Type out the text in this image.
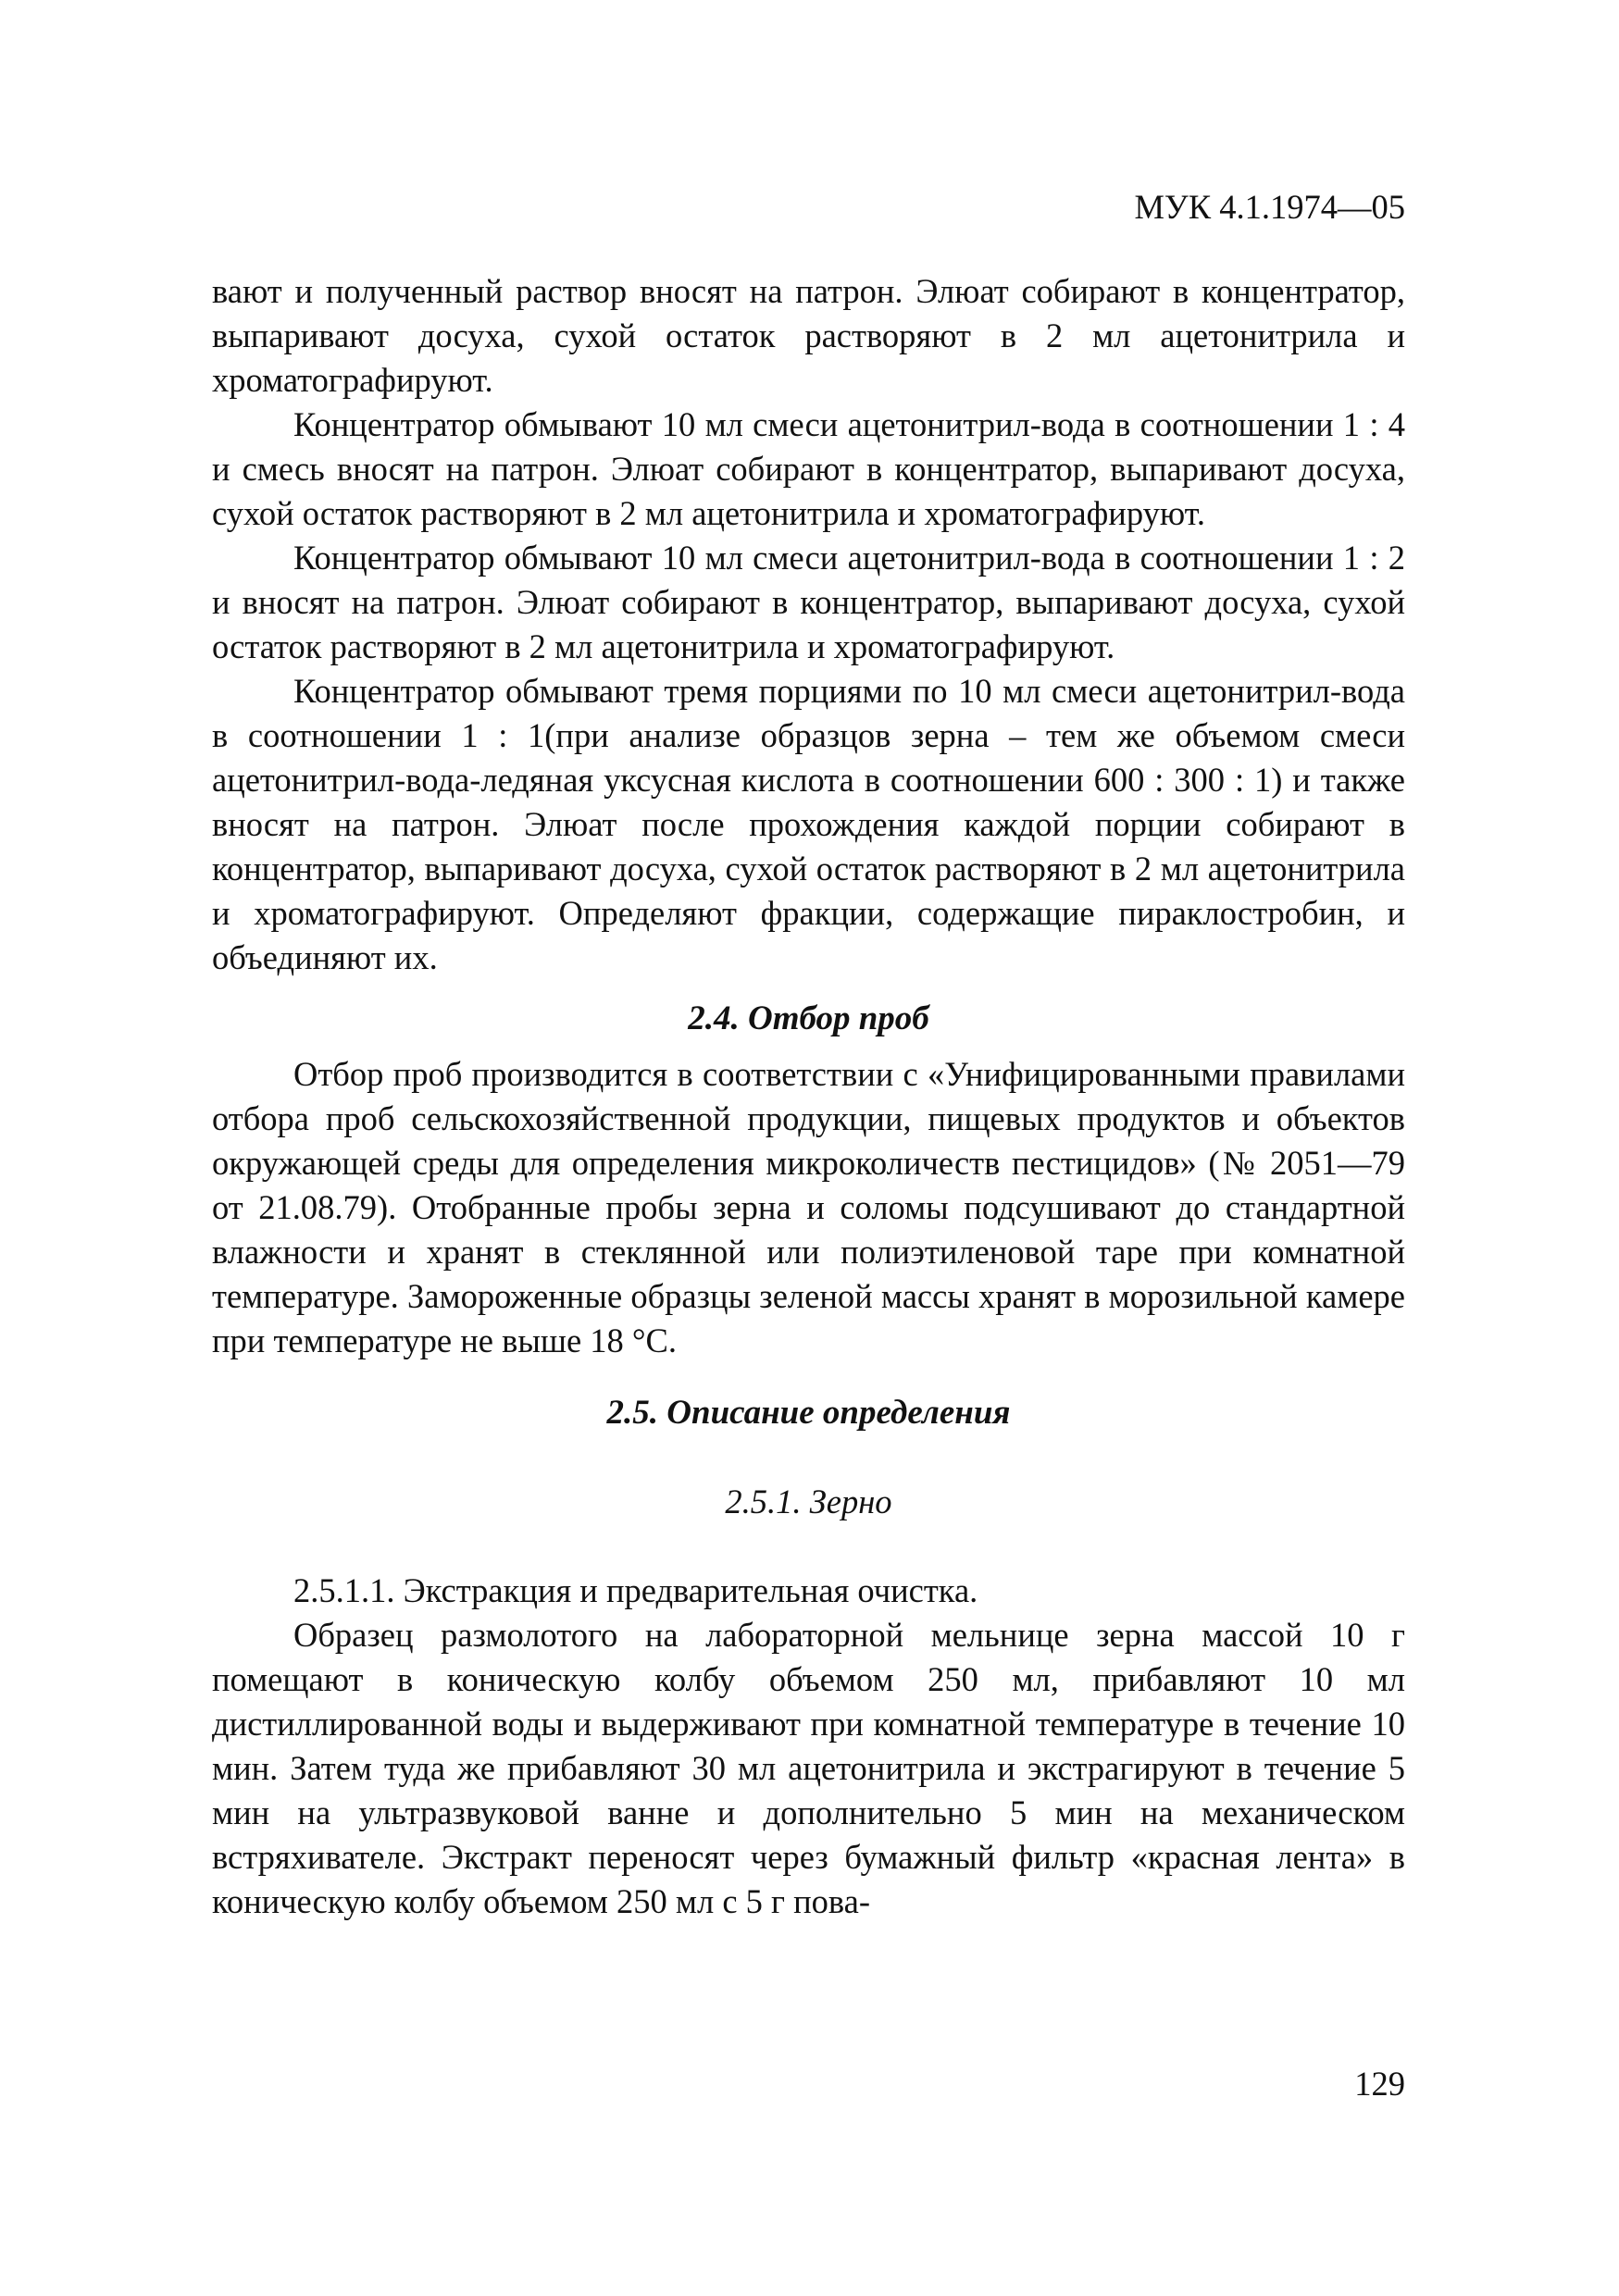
МУК 4.1.1974—05

вают и полученный раствор вносят на патрон. Элюат собирают в концентратор, выпаривают досуха, сухой остаток растворяют в 2 мл ацетонитрила и хроматографируют.

Концентратор обмывают 10 мл смеси ацетонитрил-вода в соотношении 1 : 4 и смесь вносят на патрон. Элюат собирают в концентратор, выпаривают досуха, сухой остаток растворяют в 2 мл ацетонитрила и хроматографируют.

Концентратор обмывают 10 мл смеси ацетонитрил-вода в соотношении 1 : 2 и вносят на патрон. Элюат собирают в концентратор, выпаривают досуха, сухой остаток растворяют в 2 мл ацетонитрила и хроматографируют.

Концентратор обмывают тремя порциями по 10 мл смеси ацетонитрил-вода в соотношении 1 : 1(при анализе образцов зерна – тем же объемом смеси ацетонитрил-вода-ледяная уксусная кислота в соотношении 600 : 300 : 1) и также вносят на патрон. Элюат после прохождения каждой порции собирают в концентратор, выпаривают досуха, сухой остаток растворяют в 2 мл ацетонитрила и хроматографируют. Определяют фракции, содержащие пираклостробин, и объединяют их.

2.4. Отбор проб

Отбор проб производится в соответствии с «Унифицированными правилами отбора проб сельскохозяйственной продукции, пищевых продуктов и объектов окружающей среды для определения микроколичеств пестицидов» (№ 2051—79 от 21.08.79). Отобранные пробы зерна и соломы подсушивают до стандартной влажности и хранят в стеклянной или полиэтиленовой таре при комнатной температуре. Замороженные образцы зеленой массы хранят в морозильной камере при температуре не выше 18 °С.

2.5. Описание определения
2.5.1. Зерно

2.5.1.1. Экстракция и предварительная очистка.

Образец размолотого на лабораторной мельнице зерна массой 10 г помещают в коническую колбу объемом 250 мл, прибавляют 10 мл дистиллированной воды и выдерживают при комнатной температуре в течение 10 мин. Затем туда же прибавляют 30 мл ацетонитрила и экстрагируют в течение 5 мин на ультразвуковой ванне и дополнительно 5 мин на механическом встряхивателе. Экстракт переносят через бумажный фильтр «красная лента» в коническую колбу объемом 250 мл с 5 г пова-

129
